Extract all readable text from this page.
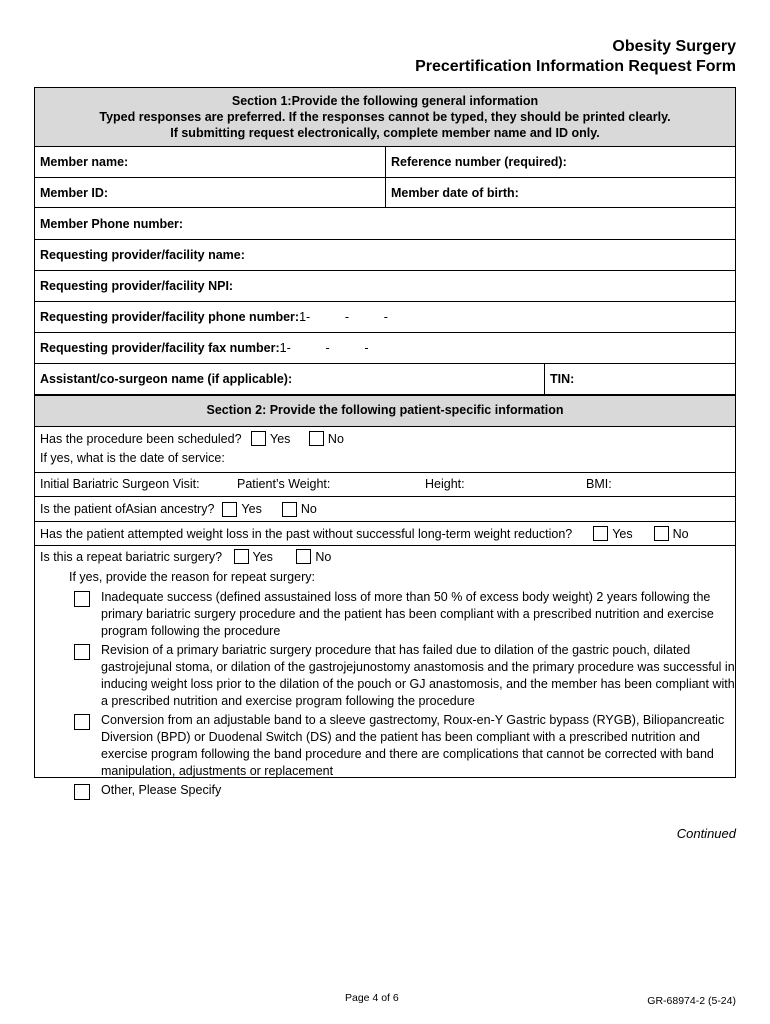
Obesity Surgery
Precertification Information Request Form
Section 1:Provide the following general information
Typed responses are preferred. If the responses cannot be typed, they should be printed clearly.
If submitting request electronically, complete member name and ID only.
Member name:	Reference number (required):
Member ID:	Member date of birth:
Member Phone number:
Requesting provider/facility name:
Requesting provider/facility NPI:
Requesting provider/facility phone number: 1-          -          -
Requesting provider/facility fax number: 1-          -          -
Assistant/co-surgeon name (if applicable):	TIN:
Section 2: Provide the following patient-specific information
Has the procedure been scheduled? Yes	No
If yes, what is the date of service:
Initial Bariatric Surgeon Visit:	Patient’s Weight:	Height:	BMI:
Is the patient ofAsian ancestry? Yes	No
Has the patient attempted weight loss in the past without successful long-term weight reduction?	Yes	No
Is this a repeat bariatric surgery? Yes	No
If yes, provide the reason for repeat surgery:
Inadequate success (defined assustained loss of more than 50 % of excess body weight) 2 years following the primary bariatric surgery procedure and the patient has been compliant with a prescribed nutrition and exercise program following the procedure
Revision of a primary bariatric surgery procedure that has failed due to dilation of the gastric pouch, dilated gastrojejunal stoma, or dilation of the gastrojejunostomy anastomosis and the primary procedure was successful in inducing weight loss prior to the dilation of the pouch or GJ anastomosis, and the member has been compliant with a prescribed nutrition and exercise program following the procedure
Conversion from an adjustable band to a sleeve gastrectomy, Roux-en-Y Gastric bypass (RYGB), Biliopancreatic Diversion (BPD) or Duodenal Switch (DS) and the patient has been compliant with a prescribed nutrition and exercise program following the band procedure and there are complications that cannot be corrected with band manipulation, adjustments or replacement
Other, Please Specify
Continued
Page 4 of 6	GR-68974-2 (5-24)
